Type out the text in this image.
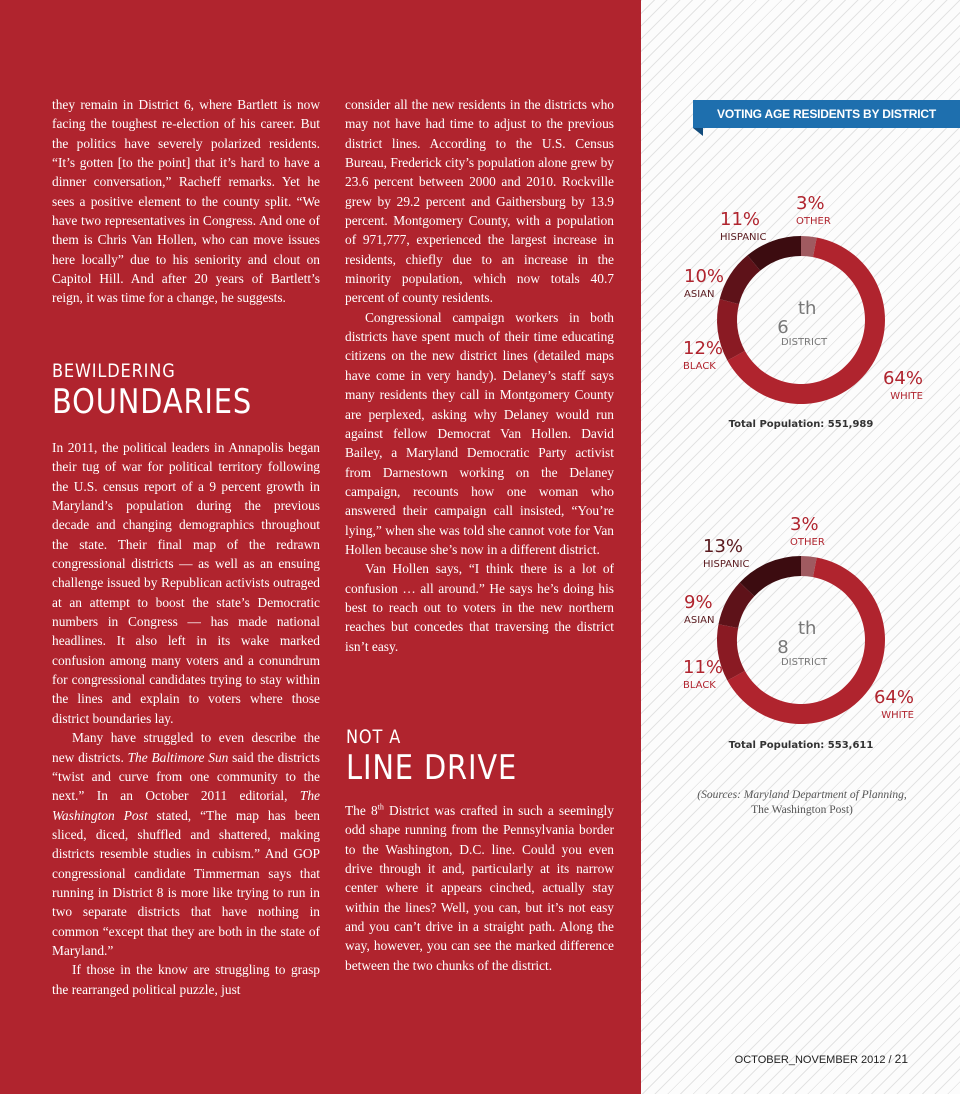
they remain in District 6, where Bartlett is now facing the toughest re-election of his career. But the politics have severely polarized residents. “It’s gotten [to the point] that it’s hard to have a dinner conversation,” Racheff remarks. Yet he sees a positive element to the county split. “We have two representatives in Congress. And one of them is Chris Van Hollen, who can move issues here locally” due to his seniority and clout on Capitol Hill. And after 20 years of Bartlett’s reign, it was time for a change, he suggests.

BEWILDERING
BOUNDARIES

In 2011, the political leaders in Annapolis began their tug of war for political territory following the U.S. census report of a 9 percent growth in Maryland’s population during the previous decade and changing demographics throughout the state. Their final map of the redrawn congressional districts — as well as an ensuing challenge issued by Republican activists outraged at an attempt to boost the state’s Democratic numbers in Congress — has made national headlines. It also left in its wake marked confusion among many voters and a conundrum for congressional candidates trying to stay within the lines and explain to voters where those district boundaries lay.

Many have struggled to even describe the new districts. The Baltimore Sun said the districts “twist and curve from one community to the next.” In an October 2011 editorial, The Washington Post stated, “The map has been sliced, diced, shuffled and shattered, making districts resemble studies in cubism.” And GOP congressional candidate Timmerman says that running in District 8 is more like trying to run in two separate districts that have nothing in common “except that they are both in the state of Maryland.”

If those in the know are struggling to grasp the rearranged political puzzle, just

consider all the new residents in the districts who may not have had time to adjust to the previous district lines. According to the U.S. Census Bureau, Frederick city’s population alone grew by 23.6 percent between 2000 and 2010. Rockville grew by 29.2 percent and Gaithersburg by 13.9 percent. Montgomery County, with a population of 971,777, experienced the largest increase in residents, chiefly due to an increase in the minority population, which now totals 40.7 percent of county residents.

Congressional campaign workers in both districts have spent much of their time educating citizens on the new district lines (detailed maps have come in very handy). Delaney’s staff says many residents they call in Montgomery County are perplexed, asking why Delaney would run against fellow Democrat Van Hollen. David Bailey, a Maryland Democratic Party activist from Darnestown working on the Delaney campaign, recounts how one woman who answered their campaign call insisted, “You’re lying,” when she was told she cannot vote for Van Hollen because she’s now in a different district.

Van Hollen says, “I think there is a lot of confusion … all around.” He says he’s doing his best to reach out to voters in the new northern reaches but concedes that traversing the district isn’t easy.

NOT A
LINE DRIVE

The 8th District was crafted in such a seemingly odd shape running from the Pennsylvania border to the Washington, D.C. line. Could you even drive through it and, particularly at its narrow center where it appears cinched, actually stay within the lines? Well, you can, but it’s not easy and you can’t drive in a straight path. Along the way, however, you can see the marked difference between the two chunks of the district.

VOTING AGE RESIDENTS BY DISTRICT
6
th
DISTRICT
64%
WHITE
12%
BLACK
10%
ASIAN
11%
HISPANIC
3%
OTHER
Total Population: 551,989
8
th
DISTRICT
64%
WHITE
11%
BLACK
9%
ASIAN
13%
HISPANIC
3%
OTHER
Total Population: 553,611
(Sources: Maryland Department of Planning,
The Washington Post)
OCTOBER_NOVEMBER 2012 / 21
